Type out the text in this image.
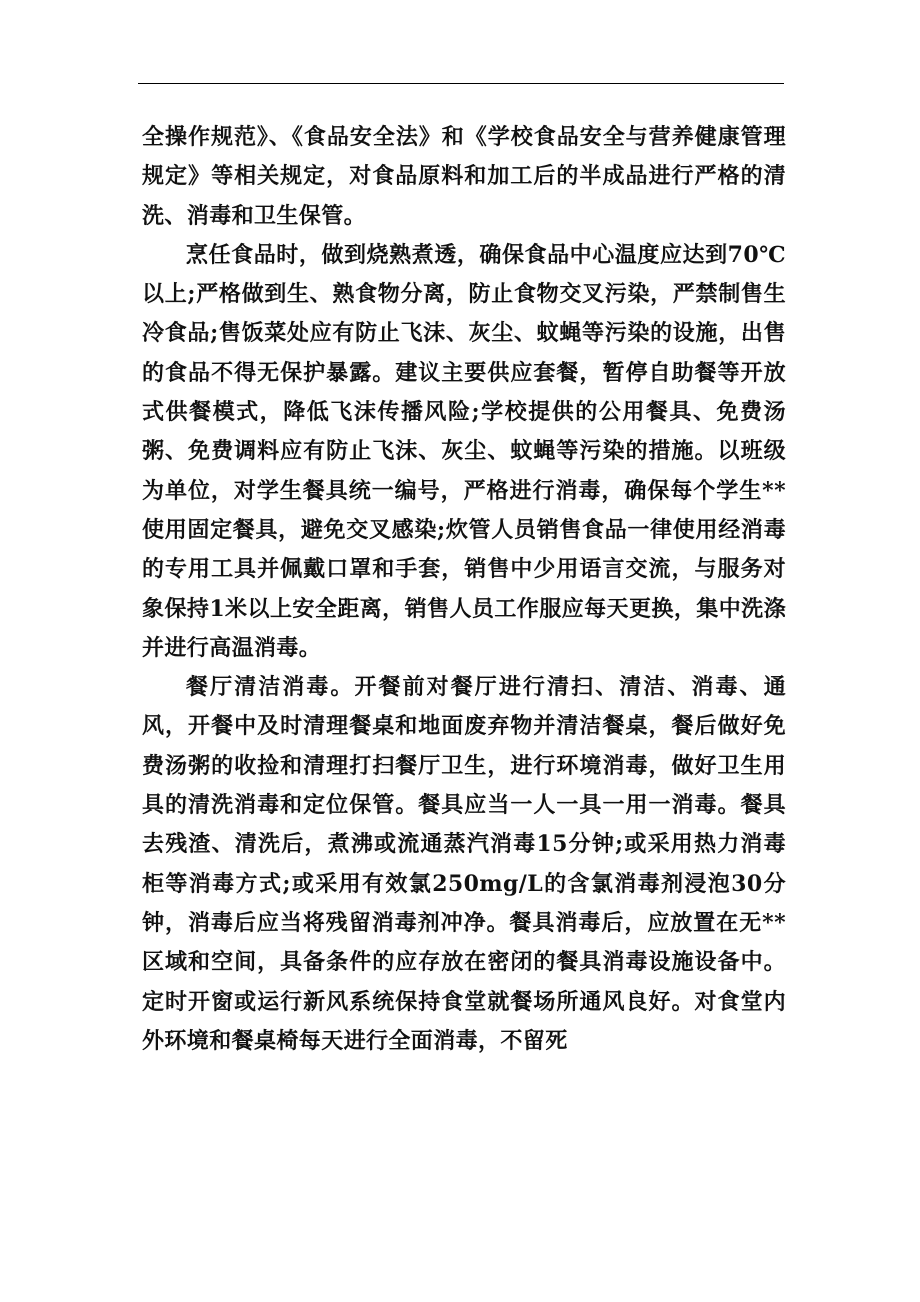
全操作规范》、《食品安全法》和《学校食品安全与营养健康管理规定》等相关规定，对食品原料和加工后的半成品进行严格的清洗、消毒和卫生保管。

烹任食品时，做到烧熟煮透，确保食品中心温度应达到70℃以上;严格做到生、熟食物分离，防止食物交叉污染，严禁制售生冷食品;售饭菜处应有防止飞沫、灰尘、蚊蝇等污染的设施，出售的食品不得无保护暴露。建议主要供应套餐，暂停自助餐等开放式供餐模式，降低飞沫传播风险;学校提供的公用餐具、免费汤粥、免费调料应有防止飞沫、灰尘、蚊蝇等污染的措施。以班级为单位，对学生餐具统一编号，严格进行消毒，确保每个学生**使用固定餐具，避免交叉感染;炊管人员销售食品一律使用经消毒的专用工具并佩戴口罩和手套，销售中少用语言交流，与服务对象保持1米以上安全距离，销售人员工作服应每天更换，集中洗涤并进行高温消毒。

餐厅清洁消毒。开餐前对餐厅进行清扫、清洁、消毒、通风，开餐中及时清理餐桌和地面废弃物并清洁餐桌，餐后做好免费汤粥的收捡和清理打扫餐厅卫生，进行环境消毒，做好卫生用具的清洗消毒和定位保管。餐具应当一人一具一用一消毒。餐具去残渣、清洗后，煮沸或流通蒸汽消毒15分钟;或采用热力消毒柜等消毒方式;或采用有效氯250mg/L的含氯消毒剂浸泡30分钟，消毒后应当将残留消毒剂冲净。餐具消毒后，应放置在无**区域和空间，具备条件的应存放在密闭的餐具消毒设施设备中。定时开窗或运行新风系统保持食堂就餐场所通风良好。对食堂内外环境和餐桌椅每天进行全面消毒，不留死
